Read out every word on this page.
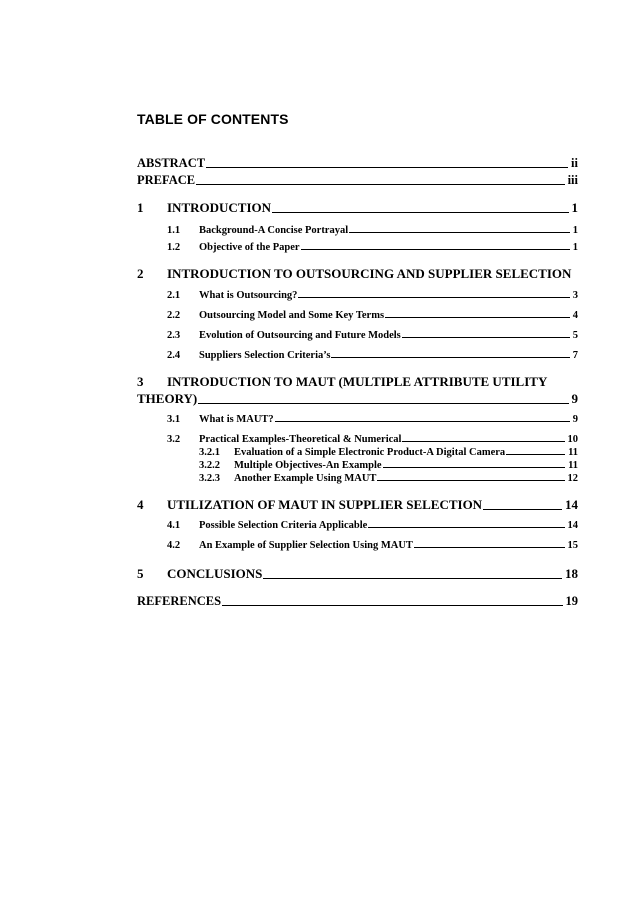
TABLE OF CONTENTS
ABSTRACT	ii
PREFACE	iii
1	INTRODUCTION	1
1.1	Background-A Concise Portrayal	1
1.2	Objective of the Paper	1
2 INTRODUCTION TO OUTSOURCING AND SUPPLIER SELECTION
2.1	What is Outsourcing?	3
2.2	Outsourcing Model and Some Key Terms	4
2.3	Evolution of Outsourcing and Future Models	5
2.4	Suppliers Selection Criteria’s	7
3 INTRODUCTION TO MAUT (MULTIPLE ATTRIBUTE UTILITY
THEORY)	9
3.1	What is MAUT?	9
3.2	Practical Examples-Theoretical & Numerical	10
3.2.1	Evaluation of a Simple Electronic Product-A Digital Camera	11
3.2.2	Multiple Objectives-An Example	11
3.2.3	Another Example Using MAUT	12
4	UTILIZATION OF MAUT IN SUPPLIER SELECTION	14
4.1	Possible Selection Criteria Applicable	14
4.2	An Example of Supplier Selection Using MAUT	15
5	CONCLUSIONS	18
REFERENCES	19
